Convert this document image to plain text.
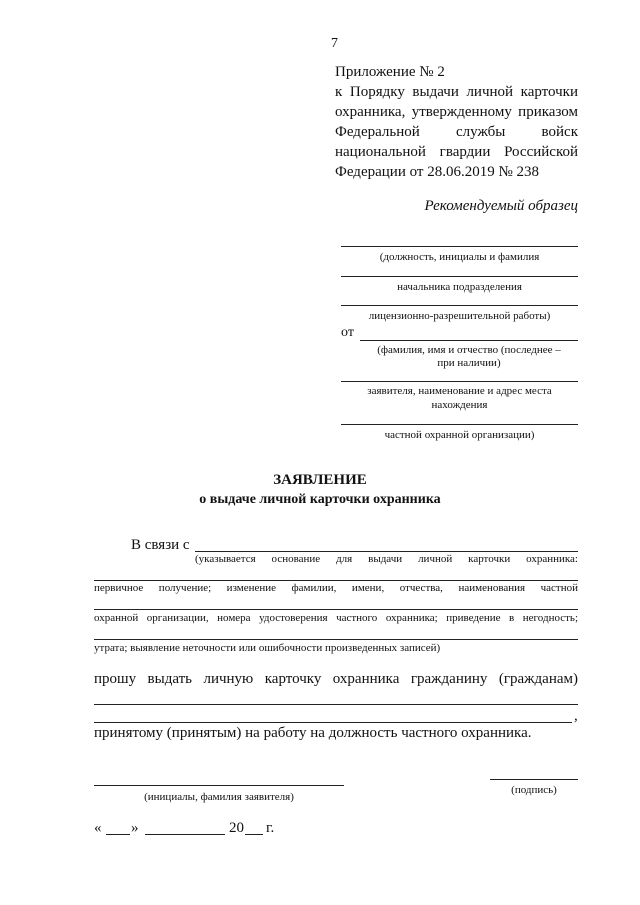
7
Приложение № 2
к Порядку выдачи личной карточки
охранника, утвержденному приказом
Федеральной службы войск
национальной гвардии Российской
Федерации от 28.06.2019 № 238
Рекомендуемый образец
(должность, инициалы и фамилия
начальника подразделения
лицензионно-разрешительной работы)
от
(фамилия, имя и отчество (последнее –
при наличии)
заявителя, наименование и адрес места
нахождения
частной охранной организации)
ЗАЯВЛЕНИЕ
о выдаче личной карточки охранника
В связи с
(указывается основание для выдачи личной карточки охранника:
первичное получение; изменение фамилии, имени, отчества, наименования частной
охранной организации, номера удостоверения частного охранника; приведение в негодность;
утрата; выявление неточности или ошибочности произведенных записей)
прошу выдать личную карточку охранника гражданину (гражданам)
,
принятому (принятым) на работу на должность частного охранника.
(инициалы, фамилия заявителя)
(подпись)
« »	20 г.
